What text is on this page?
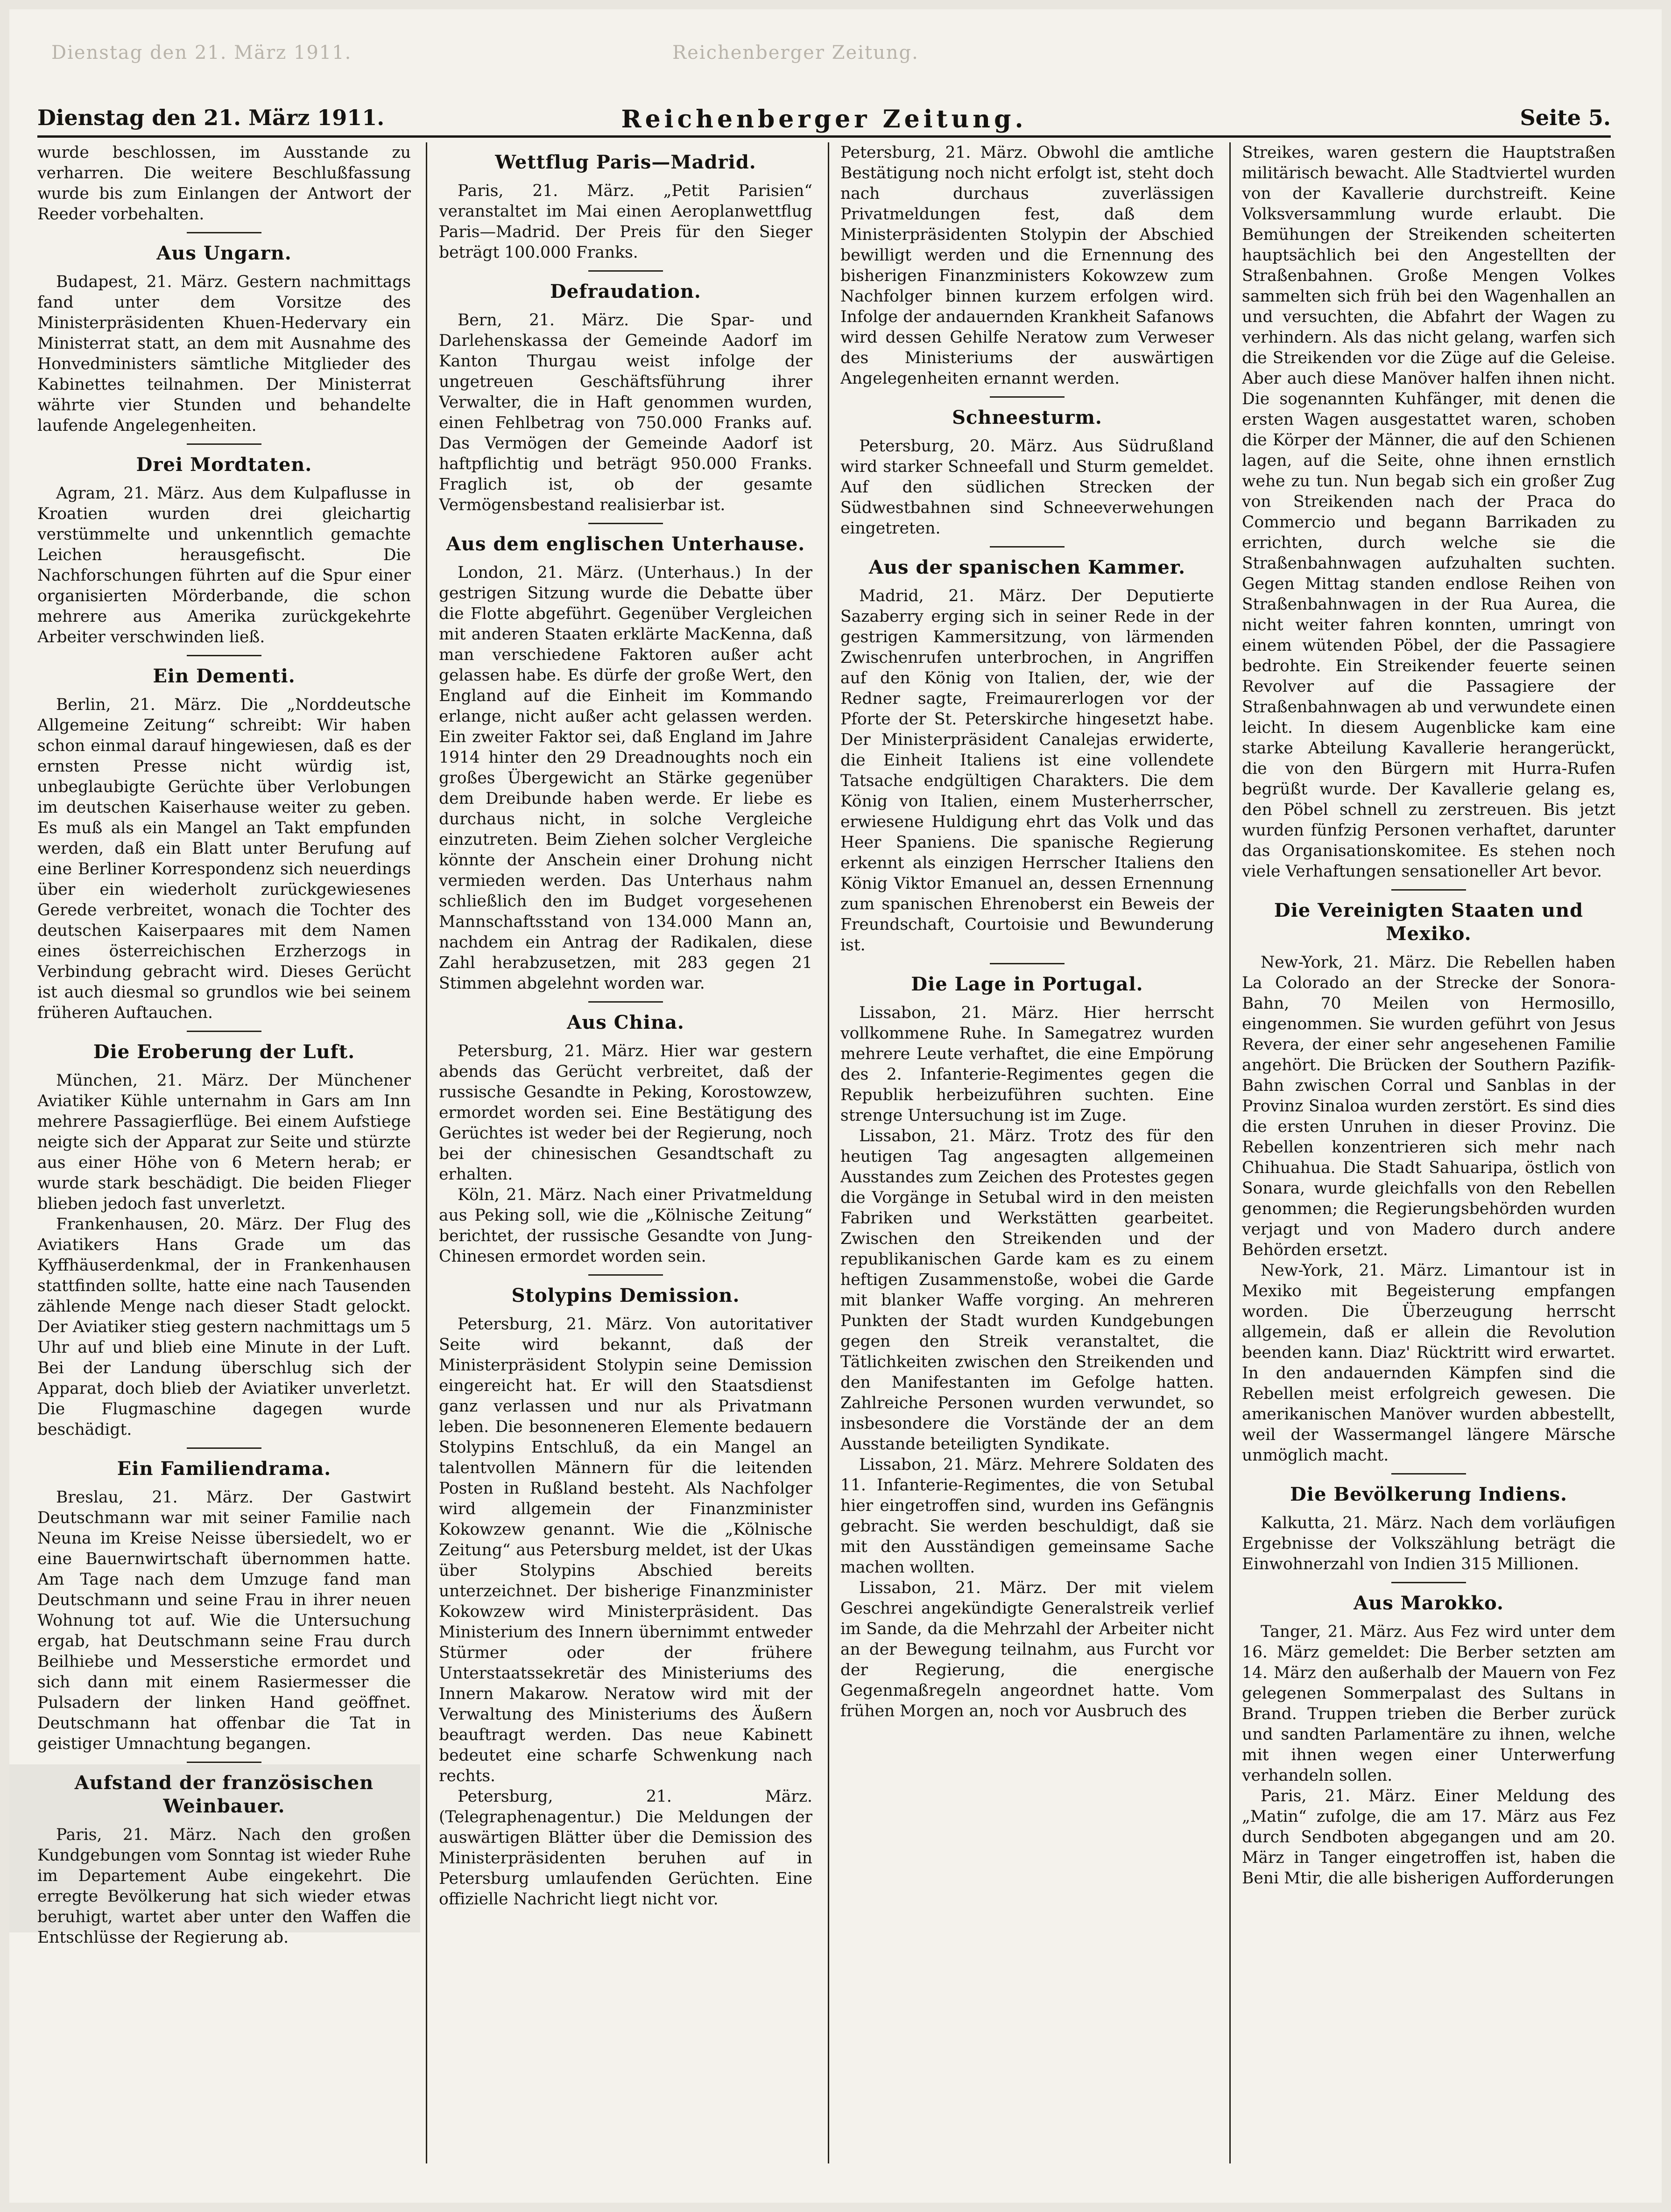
Dienstag den 21. März 1911.	Reichenberger Zeitung.
Dienstag den 21. März 1911.	Reichenberger Zeitung.	Seite 5.

wurde beschlossen, im Ausstande zu verharren. Die weitere Beschlußfassung wurde bis zum Einlangen der Antwort der Reeder vorbehalten.

Aus Ungarn.

Budapest, 21. März. Gestern nachmittags fand unter dem Vorsitze des Ministerpräsidenten Khuen-Hedervary ein Ministerrat statt, an dem mit Ausnahme des Honvedministers sämtliche Mitglieder des Kabinettes teilnahmen. Der Ministerrat währte vier Stunden und behandelte laufende Angelegenheiten.

Drei Mordtaten.

Agram, 21. März. Aus dem Kulpaflusse in Kroatien wurden drei gleichartig verstümmelte und unkenntlich gemachte Leichen herausgefischt. Die Nachforschungen führten auf die Spur einer organisierten Mörderbande, die schon mehrere aus Amerika zurückgekehrte Arbeiter verschwinden ließ.

Ein Dementi.

Berlin, 21. März. Die „Norddeutsche Allgemeine Zeitung“ schreibt: Wir haben schon einmal darauf hingewiesen, daß es der ernsten Presse nicht würdig ist, unbeglaubigte Gerüchte über Verlobungen im deutschen Kaiserhause weiter zu geben. Es muß als ein Mangel an Takt empfunden werden, daß ein Blatt unter Berufung auf eine Berliner Korrespondenz sich neuerdings über ein wiederholt zurückgewiesenes Gerede verbreitet, wonach die Tochter des deutschen Kaiserpaares mit dem Namen eines österreichischen Erzherzogs in Verbindung gebracht wird. Dieses Gerücht ist auch diesmal so grundlos wie bei seinem früheren Auftauchen.

Die Eroberung der Luft.

München, 21. März. Der Münchener Aviatiker Kühle unternahm in Gars am Inn mehrere Passagierflüge. Bei einem Aufstiege neigte sich der Apparat zur Seite und stürzte aus einer Höhe von 6 Metern herab; er wurde stark beschädigt. Die beiden Flieger blieben jedoch fast unverletzt.

Frankenhausen, 20. März. Der Flug des Aviatikers Hans Grade um das Kyffhäuserdenkmal, der in Frankenhausen stattfinden sollte, hatte eine nach Tausenden zählende Menge nach dieser Stadt gelockt. Der Aviatiker stieg gestern nachmittags um 5 Uhr auf und blieb eine Minute in der Luft. Bei der Landung überschlug sich der Apparat, doch blieb der Aviatiker unverletzt. Die Flugmaschine dagegen wurde beschädigt.

Ein Familiendrama.

Breslau, 21. März. Der Gastwirt Deutschmann war mit seiner Familie nach Neuna im Kreise Neisse übersiedelt, wo er eine Bauernwirtschaft übernommen hatte. Am Tage nach dem Umzuge fand man Deutschmann und seine Frau in ihrer neuen Wohnung tot auf. Wie die Untersuchung ergab, hat Deutschmann seine Frau durch Beilhiebe und Messerstiche ermordet und sich dann mit einem Rasiermesser die Pulsadern der linken Hand geöffnet. Deutschmann hat offenbar die Tat in geistiger Umnachtung begangen.

Aufstand der französischen Weinbauer.

Paris, 21. März. Nach den großen Kundgebungen vom Sonntag ist wieder Ruhe im Departement Aube eingekehrt. Die erregte Bevölkerung hat sich wieder etwas beruhigt, wartet aber unter den Waffen die Entschlüsse der Regierung ab.

Wettflug Paris—Madrid.

Paris, 21. März. „Petit Parisien“ veranstaltet im Mai einen Aeroplanwettflug Paris—Madrid. Der Preis für den Sieger beträgt 100.000 Franks.

Defraudation.

Bern, 21. März. Die Spar- und Darlehenskassa der Gemeinde Aadorf im Kanton Thurgau weist infolge der ungetreuen Geschäftsführung ihrer Verwalter, die in Haft genommen wurden, einen Fehlbetrag von 750.000 Franks auf. Das Vermögen der Gemeinde Aadorf ist haftpflichtig und beträgt 950.000 Franks. Fraglich ist, ob der gesamte Vermögensbestand realisierbar ist.

Aus dem englischen Unterhause.

London, 21. März. (Unterhaus.) In der gestrigen Sitzung wurde die Debatte über die Flotte abgeführt. Gegenüber Vergleichen mit anderen Staaten erklärte MacKenna, daß man verschiedene Faktoren außer acht gelassen habe. Es dürfe der große Wert, den England auf die Einheit im Kommando erlange, nicht außer acht gelassen werden. Ein zweiter Faktor sei, daß England im Jahre 1914 hinter den 29 Dreadnoughts noch ein großes Übergewicht an Stärke gegenüber dem Dreibunde haben werde. Er liebe es durchaus nicht, in solche Vergleiche einzutreten. Beim Ziehen solcher Vergleiche könnte der Anschein einer Drohung nicht vermieden werden. Das Unterhaus nahm schließlich den im Budget vorgesehenen Mannschaftsstand von 134.000 Mann an, nachdem ein Antrag der Radikalen, diese Zahl herabzusetzen, mit 283 gegen 21 Stimmen abgelehnt worden war.

Aus China.

Petersburg, 21. März. Hier war gestern abends das Gerücht verbreitet, daß der russische Gesandte in Peking, Korostowzew, ermordet worden sei. Eine Bestätigung des Gerüchtes ist weder bei der Regierung, noch bei der chinesischen Gesandtschaft zu erhalten.

Köln, 21. März. Nach einer Privatmeldung aus Peking soll, wie die „Kölnische Zeitung“ berichtet, der russische Gesandte von Jung-Chinesen ermordet worden sein.

Stolypins Demission.

Petersburg, 21. März. Von autoritativer Seite wird bekannt, daß der Ministerpräsident Stolypin seine Demission eingereicht hat. Er will den Staatsdienst ganz verlassen und nur als Privatmann leben. Die besonneneren Elemente bedauern Stolypins Entschluß, da ein Mangel an talentvollen Männern für die leitenden Posten in Rußland besteht. Als Nachfolger wird allgemein der Finanzminister Kokowzew genannt. Wie die „Kölnische Zeitung“ aus Petersburg meldet, ist der Ukas über Stolypins Abschied bereits unterzeichnet. Der bisherige Finanzminister Kokowzew wird Ministerpräsident. Das Ministerium des Innern übernimmt entweder Stürmer oder der frühere Unterstaatssekretär des Ministeriums des Innern Makarow. Neratow wird mit der Verwaltung des Ministeriums des Äußern beauftragt werden. Das neue Kabinett bedeutet eine scharfe Schwenkung nach rechts.

Petersburg, 21. März. (Telegraphenagentur.) Die Meldungen der auswärtigen Blätter über die Demission des Ministerpräsidenten beruhen auf in Petersburg umlaufenden Gerüchten. Eine offizielle Nachricht liegt nicht vor.

Petersburg, 21. März. Obwohl die amtliche Bestätigung noch nicht erfolgt ist, steht doch nach durchaus zuverlässigen Privatmeldungen fest, daß dem Ministerpräsidenten Stolypin der Abschied bewilligt werden und die Ernennung des bisherigen Finanzministers Kokowzew zum Nachfolger binnen kurzem erfolgen wird. Infolge der andauernden Krankheit Safanows wird dessen Gehilfe Neratow zum Verweser des Ministeriums der auswärtigen Angelegenheiten ernannt werden.

Schneesturm.

Petersburg, 20. März. Aus Südrußland wird starker Schneefall und Sturm gemeldet. Auf den südlichen Strecken der Südwestbahnen sind Schneeverwehungen eingetreten.

Aus der spanischen Kammer.

Madrid, 21. März. Der Deputierte Sazaberry erging sich in seiner Rede in der gestrigen Kammersitzung, von lärmenden Zwischenrufen unterbrochen, in Angriffen auf den König von Italien, der, wie der Redner sagte, Freimaurerlogen vor der Pforte der St. Peterskirche hingesetzt habe. Der Ministerpräsident Canalejas erwiderte, die Einheit Italiens ist eine vollendete Tatsache endgültigen Charakters. Die dem König von Italien, einem Musterherrscher, erwiesene Huldigung ehrt das Volk und das Heer Spaniens. Die spanische Regierung erkennt als einzigen Herrscher Italiens den König Viktor Emanuel an, dessen Ernennung zum spanischen Ehrenoberst ein Beweis der Freundschaft, Courtoisie und Bewunderung ist.

Die Lage in Portugal.

Lissabon, 21. März. Hier herrscht vollkommene Ruhe. In Samegatrez wurden mehrere Leute verhaftet, die eine Empörung des 2. Infanterie-Regimentes gegen die Republik herbeizuführen suchten. Eine strenge Untersuchung ist im Zuge.

Lissabon, 21. März. Trotz des für den heutigen Tag angesagten allgemeinen Ausstandes zum Zeichen des Protestes gegen die Vorgänge in Setubal wird in den meisten Fabriken und Werkstätten gearbeitet. Zwischen den Streikenden und der republikanischen Garde kam es zu einem heftigen Zusammenstoße, wobei die Garde mit blanker Waffe vorging. An mehreren Punkten der Stadt wurden Kundgebungen gegen den Streik veranstaltet, die Tätlichkeiten zwischen den Streikenden und den Manifestanten im Gefolge hatten. Zahlreiche Personen wurden verwundet, so insbesondere die Vorstände der an dem Ausstande beteiligten Syndikate.

Lissabon, 21. März. Mehrere Soldaten des 11. Infanterie-Regimentes, die von Setubal hier eingetroffen sind, wurden ins Gefängnis gebracht. Sie werden beschuldigt, daß sie mit den Ausständigen gemeinsame Sache machen wollten.

Lissabon, 21. März. Der mit vielem Geschrei angekündigte Generalstreik verlief im Sande, da die Mehrzahl der Arbeiter nicht an der Bewegung teilnahm, aus Furcht vor der Regierung, die energische Gegenmaßregeln angeordnet hatte. Vom frühen Morgen an, noch vor Ausbruch des

Streikes, waren gestern die Hauptstraßen militärisch bewacht. Alle Stadtviertel wurden von der Kavallerie durchstreift. Keine Volksversammlung wurde erlaubt. Die Bemühungen der Streikenden scheiterten hauptsächlich bei den Angestellten der Straßenbahnen. Große Mengen Volkes sammelten sich früh bei den Wagenhallen an und versuchten, die Abfahrt der Wagen zu verhindern. Als das nicht gelang, warfen sich die Streikenden vor die Züge auf die Geleise. Aber auch diese Manöver halfen ihnen nicht. Die sogenannten Kuhfänger, mit denen die ersten Wagen ausgestattet waren, schoben die Körper der Männer, die auf den Schienen lagen, auf die Seite, ohne ihnen ernstlich wehe zu tun. Nun begab sich ein großer Zug von Streikenden nach der Praca do Commercio und begann Barrikaden zu errichten, durch welche sie die Straßenbahnwagen aufzuhalten suchten. Gegen Mittag standen endlose Reihen von Straßenbahnwagen in der Rua Aurea, die nicht weiter fahren konnten, umringt von einem wütenden Pöbel, der die Passagiere bedrohte. Ein Streikender feuerte seinen Revolver auf die Passagiere der Straßenbahnwagen ab und verwundete einen leicht. In diesem Augenblicke kam eine starke Abteilung Kavallerie herangerückt, die von den Bürgern mit Hurra-Rufen begrüßt wurde. Der Kavallerie gelang es, den Pöbel schnell zu zerstreuen. Bis jetzt wurden fünfzig Personen verhaftet, darunter das Organisationskomitee. Es stehen noch viele Verhaftungen sensationeller Art bevor.

Die Vereinigten Staaten und Mexiko.

New-York, 21. März. Die Rebellen haben La Colorado an der Strecke der Sonora-Bahn, 70 Meilen von Hermosillo, eingenommen. Sie wurden geführt von Jesus Revera, der einer sehr angesehenen Familie angehört. Die Brücken der Southern Pazifik-Bahn zwischen Corral und Sanblas in der Provinz Sinaloa wurden zerstört. Es sind dies die ersten Unruhen in dieser Provinz. Die Rebellen konzentrieren sich mehr nach Chihuahua. Die Stadt Sahuaripa, östlich von Sonara, wurde gleichfalls von den Rebellen genommen; die Regierungsbehörden wurden verjagt und von Madero durch andere Behörden ersetzt.

New-York, 21. März. Limantour ist in Mexiko mit Begeisterung empfangen worden. Die Überzeugung herrscht allgemein, daß er allein die Revolution beenden kann. Diaz' Rücktritt wird erwartet. In den andauernden Kämpfen sind die Rebellen meist erfolgreich gewesen. Die amerikanischen Manöver wurden abbestellt, weil der Wassermangel längere Märsche unmöglich macht.

Die Bevölkerung Indiens.

Kalkutta, 21. März. Nach dem vorläufigen Ergebnisse der Volkszählung beträgt die Einwohnerzahl von Indien 315 Millionen.

Aus Marokko.

Tanger, 21. März. Aus Fez wird unter dem 16. März gemeldet: Die Berber setzten am 14. März den außerhalb der Mauern von Fez gelegenen Sommerpalast des Sultans in Brand. Truppen trieben die Berber zurück und sandten Parlamentäre zu ihnen, welche mit ihnen wegen einer Unterwerfung verhandeln sollen.

Paris, 21. März. Einer Meldung des „Matin“ zufolge, die am 17. März aus Fez durch Sendboten abgegangen und am 20. März in Tanger eingetroffen ist, haben die Beni Mtir, die alle bisherigen Aufforderungen
